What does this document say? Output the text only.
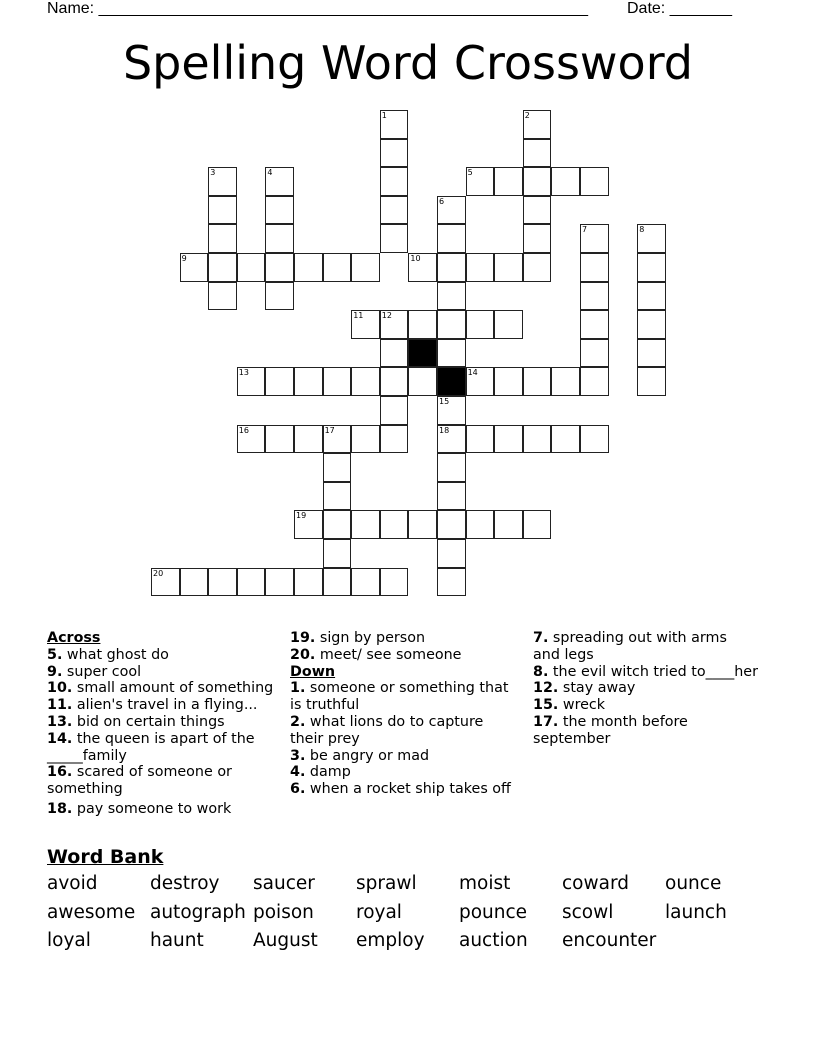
Name: _______________________________________________________ Date: _______
Spelling Word Crossword
1	2
3	4	5
6
7	8
9	10
11 12
13	14
15
18
16	17
19
20
Across
5. what ghost do
9. super cool
10. small amount of something
11. alien's travel in a flying...
13. bid on certain things
14. the queen is apart of the _____family
16. scared of someone or something
18. pay someone to work
19. sign by person
20. meet/ see someone
Down
1. someone or something that is truthful
2. what lions do to capture their prey
3. be angry or mad
4. damp
6. when a rocket ship takes off
7. spreading out with arms and legs
8. the evil witch tried to____her
12. stay away
15. wreck
17. the month before september
Word Bank
avoid	destroy saucer sprawl moist	coward ounce
awesome autograph poison royal	pounce scowl	launch
loyal	haunt	August employ auction encounter
